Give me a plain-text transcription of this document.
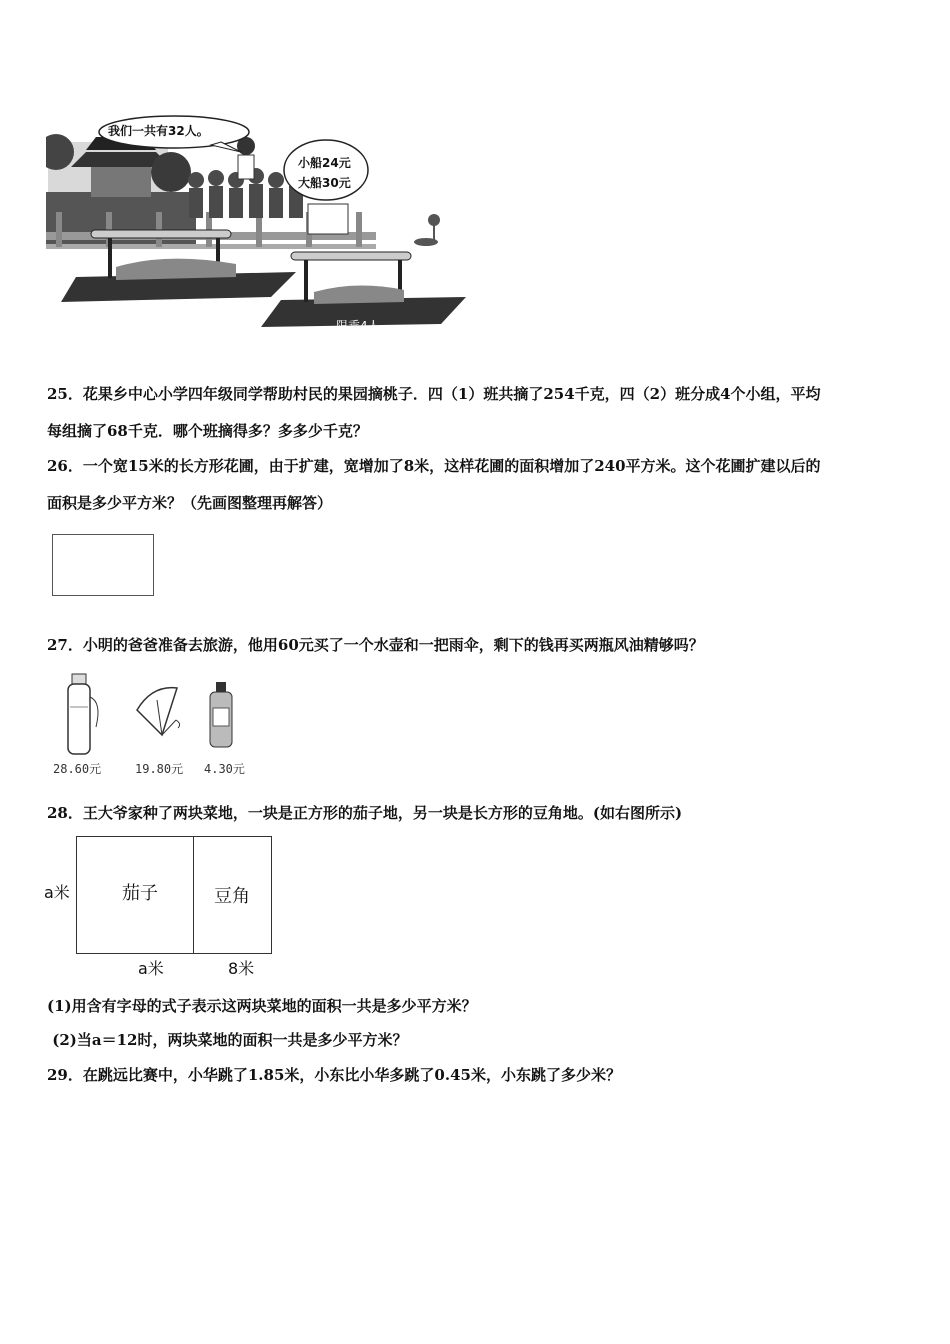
我们一共有32人。
小船24元
大船30元
限乘6人
限乘4人
25．花果乡中心小学四年级同学帮助村民的果园摘桃子．四（1）班共摘了254千克，四（2）班分成4个小组，平均
每组摘了68千克．哪个班摘得多？多多少千克？
26．一个宽15米的长方形花圃，由于扩建，宽增加了8米，这样花圃的面积增加了240平方米。这个花圃扩建以后的
面积是多少平方米？（先画图整理再解答）
27．小明的爸爸准备去旅游，他用60元买了一个水壶和一把雨伞，剩下的钱再买两瓶风油精够吗？
28.60元	19.80元 4.30元
28．王大爷家种了两块菜地，一块是正方形的茄子地，另一块是长方形的豆角地。(如右图所示)
a米	茄子	豆角
a米	8米
(1)用含有字母的式子表示这两块菜地的面积一共是多少平方米？
(2)当a＝12时，两块菜地的面积一共是多少平方米？
29．在跳远比赛中，小华跳了1.85米，小东比小华多跳了0.45米，小东跳了多少米？
